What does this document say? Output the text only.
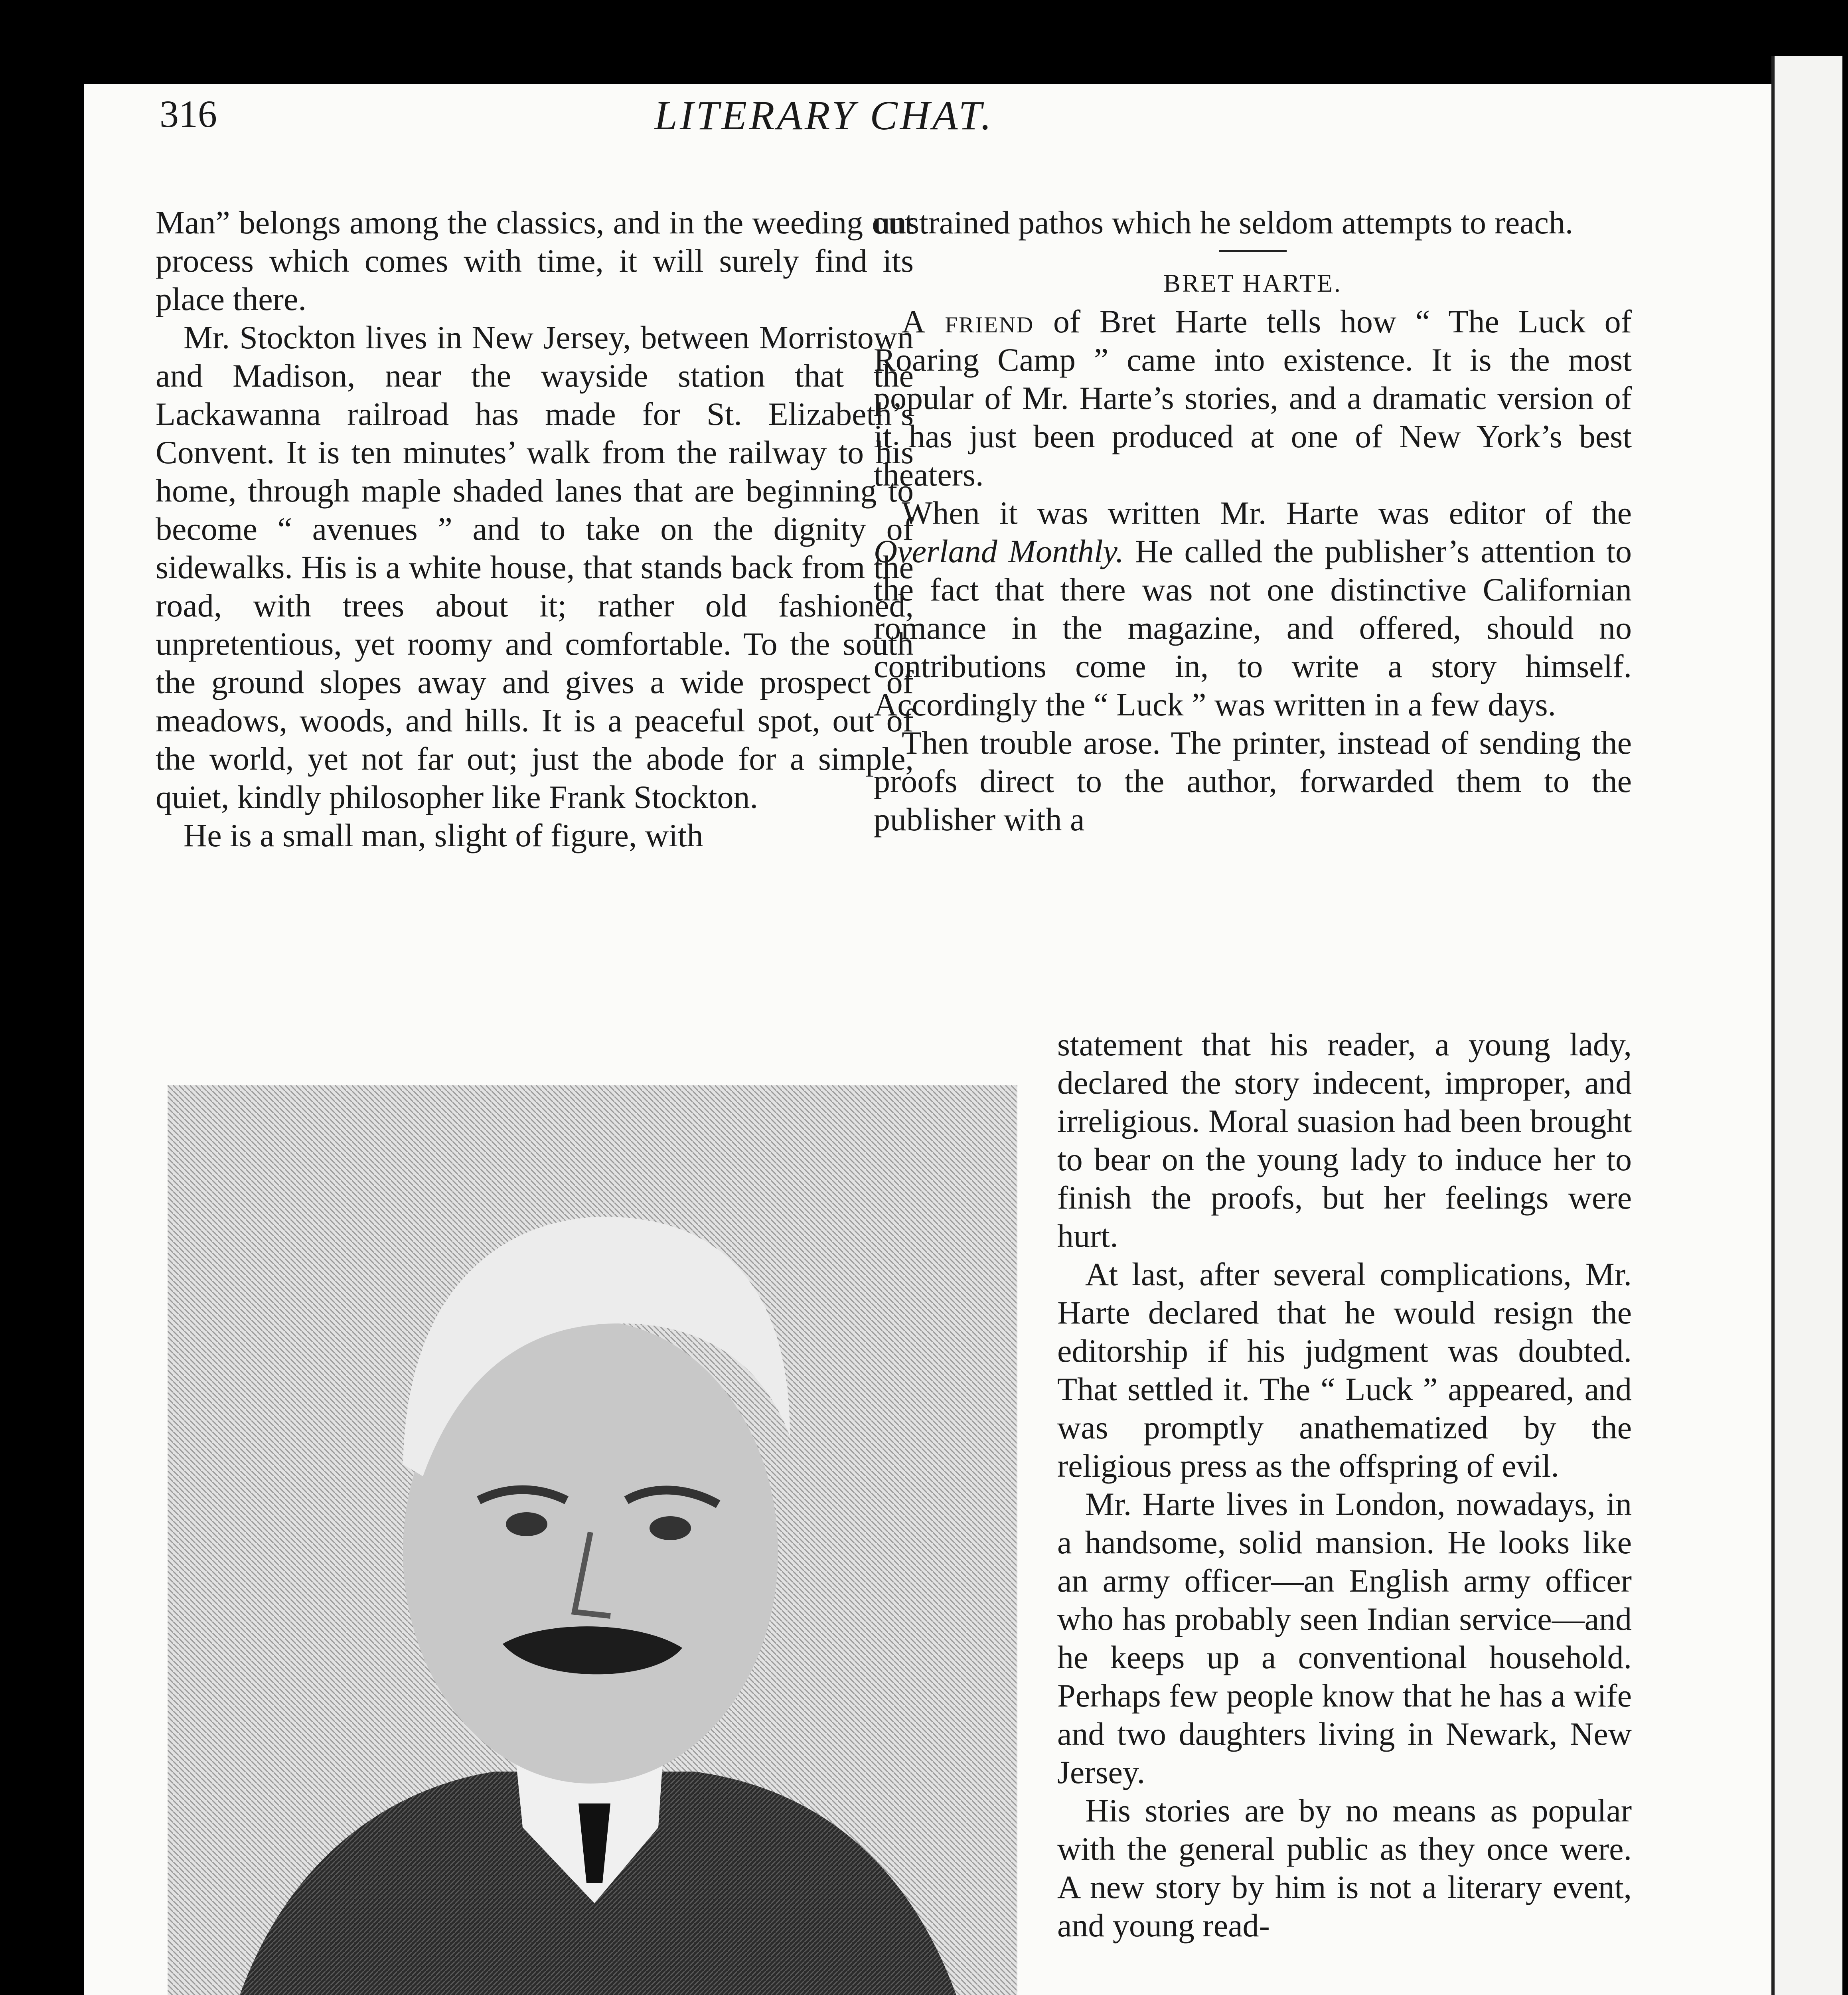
316	LITERARY CHAT.

Man” belongs among the classics, and in the weeding out process which comes with time, it will surely find its place there.

Mr. Stockton lives in New Jersey, between Morristown and Madison, near the wayside station that the Lackawanna railroad has made for St. Elizabeth’s Convent. It is ten minutes’ walk from the railway to his home, through maple shaded lanes that are beginning to become “ avenues ” and to take on the dignity of sidewalks. His is a white house, that stands back from the road, with trees about it; rather old fashioned, unpretentious, yet roomy and comfortable. To the south the ground slopes away and gives a wide prospect of meadows, woods, and hills. It is a peaceful spot, out of the world, yet not far out; just the abode for a simple, quiet, kindly philosopher like Frank Stockton.

He is a small man, slight of figure, with

unstrained pathos which he seldom attempts to reach.

BRET HARTE.

A friend of Bret Harte tells how “ The Luck of Roaring Camp ” came into existence. It is the most popular of Mr. Harte’s stories, and a dramatic version of it has just been produced at one of New York’s best theaters.

When it was written Mr. Harte was editor of the Overland Monthly. He called the publisher’s attention to the fact that there was not one distinctive Californian romance in the magazine, and offered, should no contributions come in, to write a story himself. Accordingly the “ Luck ” was written in a few days.

Then trouble arose. The printer, instead of sending the proofs direct to the author, forwarded them to the publisher with a

statement that his reader, a young lady, declared the story indecent, improper, and irreligious. Moral suasion had been brought to bear on the young lady to induce her to finish the proofs, but her feelings were hurt.

At last, after several complications, Mr. Harte declared that he would resign the editorship if his judgment was doubted. That settled it. The “ Luck ” appeared, and was promptly anathematized by the religious press as the offspring of evil.

Mr. Harte lives in London, nowadays, in a handsome, solid mansion. He looks like an army officer—an English army officer who has probably seen Indian service—and he keeps up a conventional household. Perhaps few people know that he has a wife and two daughters living in Newark, New Jersey.

His stories are by no means as popular with the general public as they once were. A new story by him is not a literary event, and young read-
